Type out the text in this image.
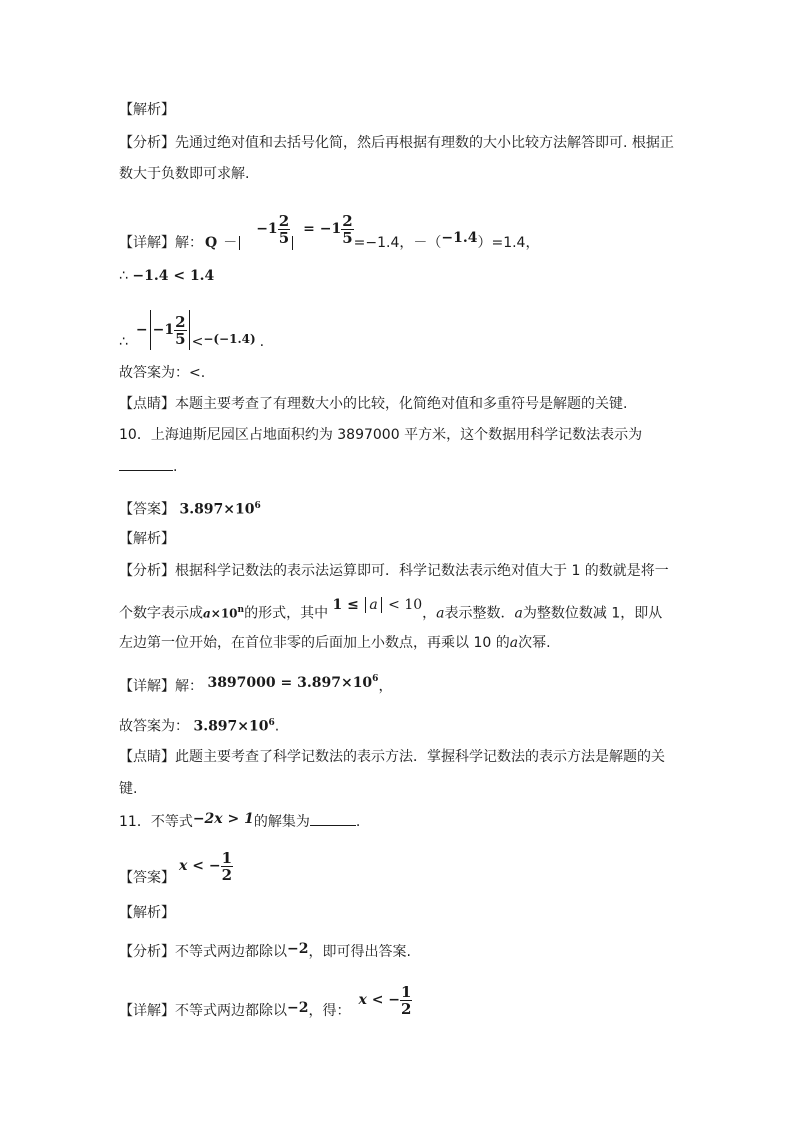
【解析】
【分析】先通过绝对值和去括号化简，然后再根据有理数的大小比较方法解答即可. 根据正
数大于负数即可求解.
【详解】解： Q －
$-1 \frac{2}{5} = -1 \frac{2}{5} =-1.4$，－（ −1.4 ）=1.4，
∴ −1.4 < 1.4
∴
− $-1 \frac{2}{5} < -(-1.4)$ .
故答案为：<.
【点睛】本题主要考查了有理数大小的比较，化简绝对值和多重符号是解题的关键.
10．上海迪斯尼园区占地面积约为 3897000 平方米，这个数据用科学记数法表示为
.
【答案】 $3.897\times 10^6$
【解析】
【分析】根据科学记数法的表示法运算即可．科学记数法表示绝对值大于 1 的数就是将一
个数字表示成$a\times 10^n$的形式，其中 1 ≤ a < 10，a表示整数．a为整数位数减 1，即从
左边第一位开始，在首位非零的后面加上小数点，再乘以 10 的a次幂.
【详解】解： $3897000 = 3.897\times 10^6$，
故答案为： $3.897\times 10^6$.
【点睛】此题主要考查了科学记数法的表示方法．掌握科学记数法的表示方法是解题的关
键.
11．不等式−2x > 1的解集为	.
【答案】
x < − $\frac{1}{2}$
【解析】
【分析】不等式两边都除以−2，即可得出答案.
【详解】不等式两边都除以 −2 ，得：
x < − $\frac{1}{2}$
